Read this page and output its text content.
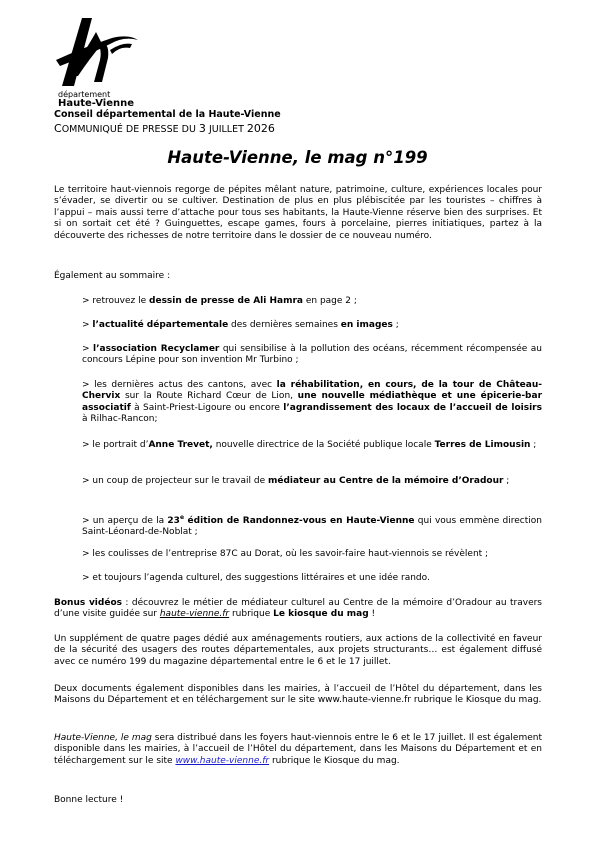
département
Haute-Vienne
Conseil départemental de la Haute-Vienne
COMMUNIQUÉ DE PRESSE DU 3 JUILLET 2026
Haute-Vienne, le mag n°199

Le territoire haut-viennois regorge de pépites mêlant nature, patrimoine, culture, expériences locales pour s’évader, se divertir ou se cultiver. Destination de plus en plus plébiscitée par les touristes – chiffres à l’appui – mais aussi terre d’attache pour tous ses habitants, la Haute-Vienne réserve bien des surprises. Et si on sortait cet été ? Guinguettes, escape games, fours à porcelaine, pierres initiatiques, partez à la découverte des richesses de notre territoire dans le dossier de ce nouveau numéro.

Également au sommaire :

> retrouvez le dessin de presse de Ali Hamra en page 2 ;

> l’actualité départementale des dernières semaines en images ;

> l’association Recyclamer qui sensibilise à la pollution des océans, récemment récompensée au concours Lépine pour son invention Mr Turbino ;

> les dernières actus des cantons, avec la réhabilitation, en cours, de la tour de Château-Chervix sur la Route Richard Cœur de Lion, une nouvelle médiathèque et une épicerie-bar associatif à Saint-Priest-Ligoure ou encore l’agrandissement des locaux de l’accueil de loisirs à Rilhac-Rancon;

> le portrait d’Anne Trevet, nouvelle directrice de la Société publique locale Terres de Limousin ;

> un coup de projecteur sur le travail de médiateur au Centre de la mémoire d’Oradour ;

> un aperçu de la 23e édition de Randonnez-vous en Haute-Vienne qui vous emmène direction Saint-Léonard-de-Noblat ;

> les coulisses de l’entreprise 87C au Dorat, où les savoir-faire haut-viennois se révèlent ;

> et toujours l’agenda culturel, des suggestions littéraires et une idée rando.

Bonus vidéos : découvrez le métier de médiateur culturel au Centre de la mémoire d’Oradour au travers d’une visite guidée sur haute-vienne.fr rubrique Le kiosque du mag !

Un supplément de quatre pages dédié aux aménagements routiers, aux actions de la collectivité en faveur de la sécurité des usagers des routes départementales, aux projets structurants… est également diffusé avec ce numéro 199 du magazine départemental entre le 6 et le 17 juillet.

Deux documents également disponibles dans les mairies, à l’accueil de l’Hôtel du département, dans les Maisons du Département et en téléchargement sur le site www.haute-vienne.fr rubrique le Kiosque du mag.

Haute-Vienne, le mag sera distribué dans les foyers haut-viennois entre le 6 et le 17 juillet. Il est également disponible dans les mairies, à l’accueil de l’Hôtel du département, dans les Maisons du Département et en téléchargement sur le site www.haute-vienne.fr rubrique le Kiosque du mag.

Bonne lecture !
